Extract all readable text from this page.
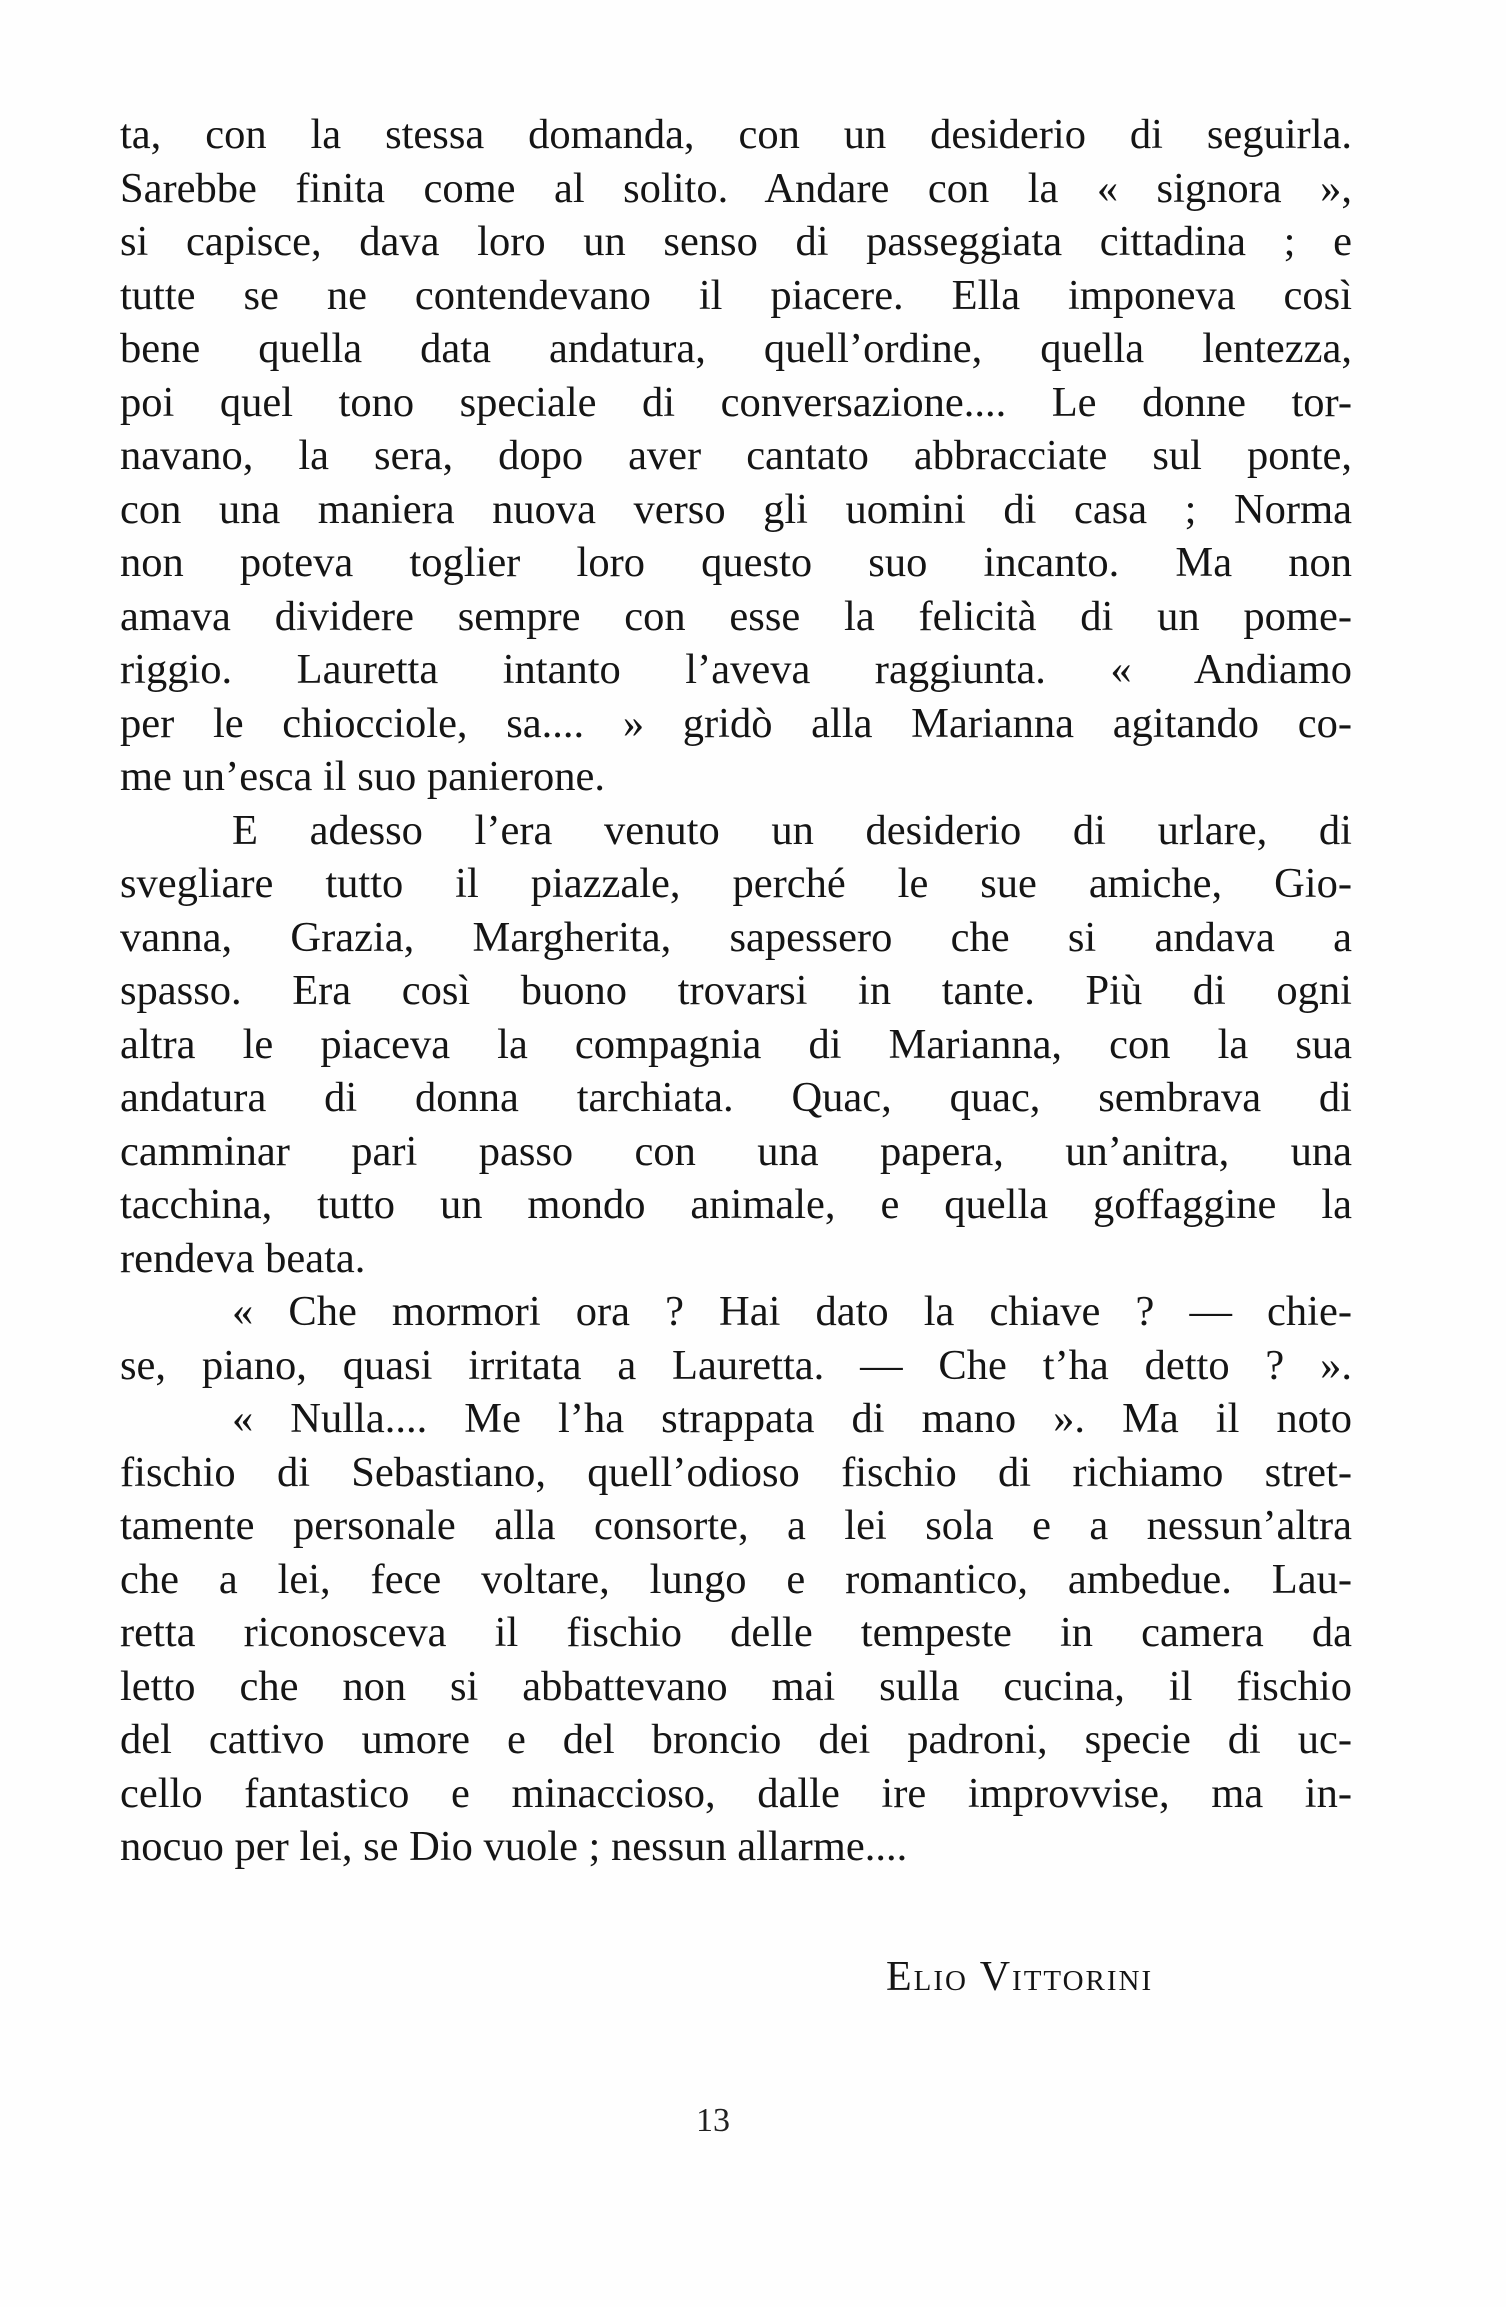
ta, con la stessa domanda, con un desiderio di seguirla.
Sarebbe finita come al solito. Andare con la « signora »,
si capisce, dava loro un senso di passeggiata cittadina ; e
tutte se ne contendevano il piacere. Ella imponeva così
bene quella data andatura, quell’ordine, quella lentezza,
poi quel tono speciale di conversazione.... Le donne tor-
navano, la sera, dopo aver cantato abbracciate sul ponte,
con una maniera nuova verso gli uomini di casa ; Norma
non poteva toglier loro questo suo incanto. Ma non
amava dividere sempre con esse la felicità di un pome-
riggio. Lauretta intanto l’aveva raggiunta. « Andiamo
per le chiocciole, sa.... » gridò alla Marianna agitando co-
me un’esca il suo panierone.
E adesso l’era venuto un desiderio di urlare, di
svegliare tutto il piazzale, perché le sue amiche, Gio-
vanna, Grazia, Margherita, sapessero che si andava a
spasso. Era così buono trovarsi in tante. Più di ogni
altra le piaceva la compagnia di Marianna, con la sua
andatura di donna tarchiata. Quac, quac, sembrava di
camminar pari passo con una papera, un’anitra, una
tacchina, tutto un mondo animale, e quella goffaggine la
rendeva beata.
« Che mormori ora ? Hai dato la chiave ? — chie-
se, piano, quasi irritata a Lauretta. — Che t’ha detto ? ».
« Nulla.... Me l’ha strappata di mano ». Ma il noto
fischio di Sebastiano, quell’odioso fischio di richiamo stret-
tamente personale alla consorte, a lei sola e a nessun’altra
che a lei, fece voltare, lungo e romantico, ambedue. Lau-
retta riconosceva il fischio delle tempeste in camera da
letto che non si abbattevano mai sulla cucina, il fischio
del cattivo umore e del broncio dei padroni, specie di uc-
cello fantastico e minaccioso, dalle ire improvvise, ma in-
nocuo per lei, se Dio vuole ; nessun allarme....
Elio Vittorini
13
